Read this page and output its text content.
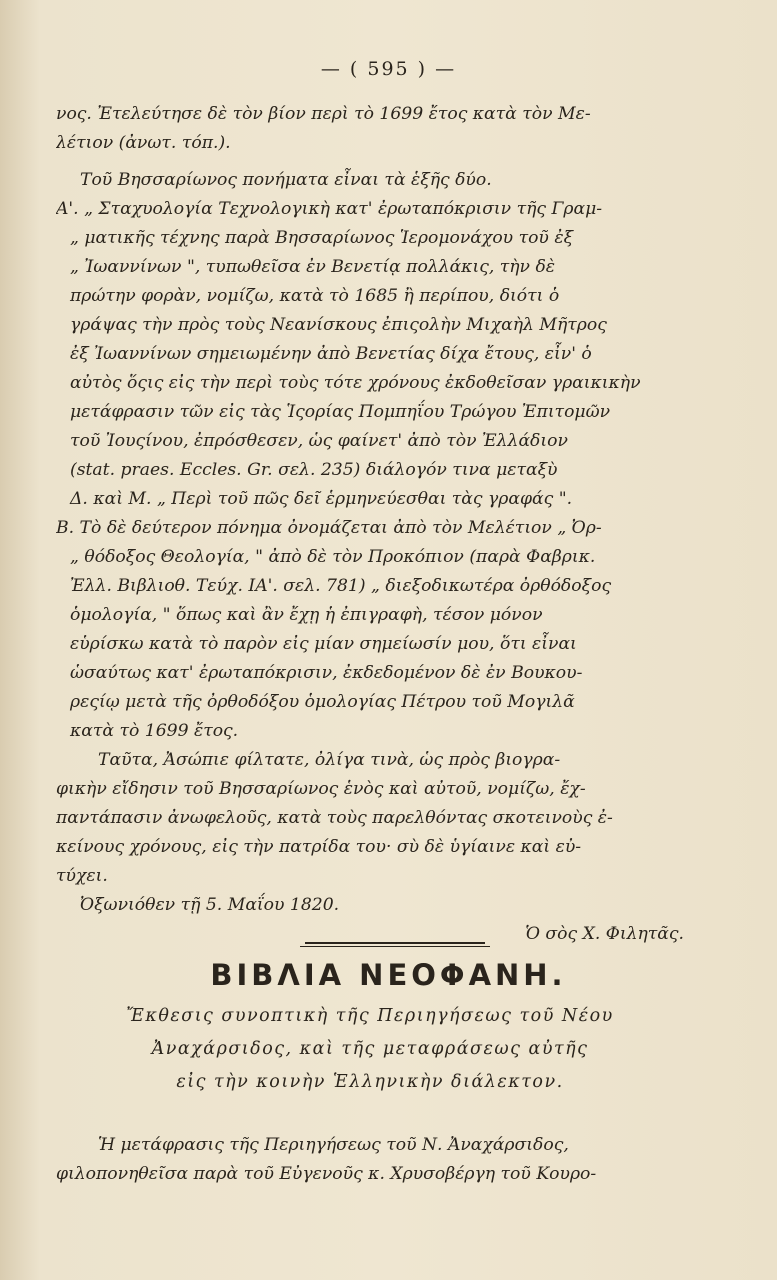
— ( 595 ) —
νος. Ἐτελεύτησε δὲ τὸν βίον περὶ τὸ 1699 ἔτος κατὰ τὸν Με-
λέτιον (ἀνωτ. τόπ.).
Τοῦ Βησσαρίωνος πονήματα εἶναι τὰ ἑξῆς δύο.
Α'. „ Σταχυολογία Τεχνολογικὴ κατ' ἐρωταπόκρισιν τῆς Γραμ-
„ ματικῆς τέχνης παρὰ Βησσαρίωνος Ἱερομονάχου τοῦ ἐξ
„ Ἰωαννίνων ", τυπωθεῖσα ἐν Βενετίᾳ πολλάκις, τὴν δὲ
πρώτην φορὰν, νομίζω, κατὰ τὸ 1685 ἢ περίπου, διότι ὁ
γράψας τὴν πρὸς τοὺς Νεανίσκους ἐπιςολὴν Μιχαὴλ Μῆτρος
ἐξ Ἰωαννίνων σημειωμένην ἀπὸ Βενετίας δίχα ἔτους, εἶν' ὁ
αὐτὸς ὅςις εἰς τὴν περὶ τοὺς τότε χρόνους ἐκδοθεῖσαν γραικικὴν
μετάφρασιν τῶν εἰς τὰς Ἱςορίας Πομπηΐου Τρώγου Ἐπιτομῶν
τοῦ Ἰουςίνου, ἐπρόσθεσεν, ὡς φαίνετ' ἀπὸ τὸν Ἐλλάδιον
(stat. praes. Eccles. Gr. σελ. 235) διάλογόν τινα μεταξὺ
Δ. καὶ Μ. „ Περὶ τοῦ πῶς δεῖ ἑρμηνεύεσθαι τὰς γραφάς ".
Β. Τὸ δὲ δεύτερον πόνημα ὀνομάζεται ἀπὸ τὸν Μελέτιον „ Ὀρ-
„ θόδοξος Θεολογία, " ἀπὸ δὲ τὸν Προκόπιον (παρὰ Φαβρικ.
Ἐλλ. Βιβλιοθ. Τεύχ. ΙΑ'. σελ. 781) „ διεξοδικωτέρα ὀρθόδοξος
ὁμολογία, " ὅπως καὶ ἂν ἔχῃ ἡ ἐπιγραφὴ, τέσον μόνον
εὑρίσκω κατὰ τὸ παρὸν εἰς μίαν σημείωσίν μου, ὅτι εἶναι
ὡσαύτως κατ' ἐρωταπόκρισιν, ἐκδεδομένον δὲ ἐν Βουκου-
ρεςίῳ μετὰ τῆς ὀρθοδόξου ὁμολογίας Πέτρου τοῦ Μογιλᾶ
κατὰ τὸ 1699 ἔτος.
Ταῦτα, Ἀσώπιε φίλτατε, ὀλίγα τινὰ, ὡς πρὸς βιογρα-
φικὴν εἴδησιν τοῦ Βησσαρίωνος ἑνὸς καὶ αὐτοῦ, νομίζω, ἔχ-
παντάπασιν ἀνωφελοῦς, κατὰ τοὺς παρελθόντας σκοτεινοὺς ἐ-
κείνους χρόνους, εἰς τὴν πατρίδα του· σὺ δὲ ὑγίαινε καὶ εὐ-
τύχει.
Ὀξωνιόθεν τῇ 5. Μαΐου 1820.
Ὁ σὸς Χ. Φιλητᾶς.
ΒΙΒΛΙΑ ΝΕΟΦΑΝΗ.
Ἔκθεσις συνοπτικὴ τῆς Περιηγήσεως τοῦ Νέου
Ἀναχάρσιδος, καὶ τῆς μεταφράσεως αὐτῆς
εἰς τὴν κοινὴν Ἑλληνικὴν διάλεκτον.
Ἡ μετάφρασις τῆς Περιηγήσεως τοῦ Ν. Ἀναχάρσιδος,
φιλοπονηθεῖσα παρὰ τοῦ Εὐγενοῦς κ. Χρυσοβέργη τοῦ Κουρο-
